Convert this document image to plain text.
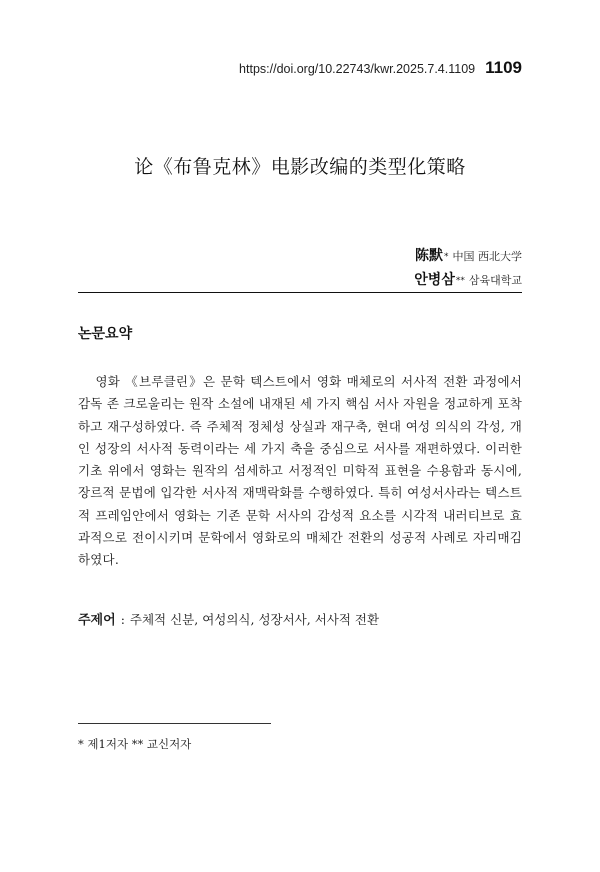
https://doi.org/10.22743/kwr.2025.7.4.1109 1109
论《布鲁克林》电影改编的类型化策略
陈默* 中国 西北大学
안병삼** 삼육대학교
논문요약

영화 《브루클린》은 문학 텍스트에서 영화 매체로의 서사적 전환 과정에서 감독 존 크로울리는 원작 소설에 내재된 세 가지 핵심 서사 자원을 정교하게 포착하고 재구성하였다. 즉 주체적 정체성 상실과 재구축, 현대 여성 의식의 각성, 개인 성장의 서사적 동력이라는 세 가지 축을 중심으로 서사를 재편하였다. 이러한 기초 위에서 영화는 원작의 섬세하고 서정적인 미학적 표현을 수용함과 동시에, 장르적 문법에 입각한 서사적 재맥락화를 수행하였다. 특히 여성서사라는 텍스트적 프레임안에서 영화는 기존 문학 서사의 감성적 요소를 시각적 내러티브로 효과적으로 전이시키며 문학에서 영화로의 매체간 전환의 성공적 사례로 자리매김하였다.

주제어 : 주체적 신분, 여성의식, 성장서사, 서사적 전환
* 제1저자 ** 교신저자
